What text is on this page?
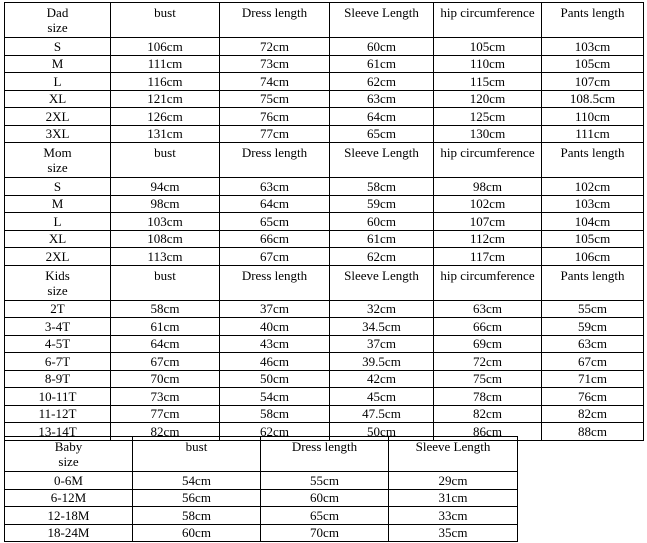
Dad
size	bust	Dress length	Sleeve Length	hip circumference	Pants length
S	106cm	72cm	60cm	105cm	103cm
M	111cm	73cm	61cm	110cm	105cm
L	116cm	74cm	62cm	115cm	107cm
XL	121cm	75cm	63cm	120cm	108.5cm
2XL	126cm	76cm	64cm	125cm	110cm
3XL	131cm	77cm	65cm	130cm	111cm
Mom
size	bust	Dress length	Sleeve Length	hip circumference	Pants length
S	94cm	63cm	58cm	98cm	102cm
M	98cm	64cm	59cm	102cm	103cm
L	103cm	65cm	60cm	107cm	104cm
XL	108cm	66cm	61cm	112cm	105cm
2XL	113cm	67cm	62cm	117cm	106cm
Kids
size	bust	Dress length	Sleeve Length	hip circumference	Pants length
2T	58cm	37cm	32cm	63cm	55cm
3-4T	61cm	40cm	34.5cm	66cm	59cm
4-5T	64cm	43cm	37cm	69cm	63cm
6-7T	67cm	46cm	39.5cm	72cm	67cm
8-9T	70cm	50cm	42cm	75cm	71cm
10-11T	73cm	54cm	45cm	78cm	76cm
11-12T	77cm	58cm	47.5cm	82cm	82cm
13-14T	82cm	62cm	50cm	86cm	88cm
Baby
size	bust	Dress length	Sleeve Length
0-6M	54cm	55cm	29cm
6-12M	56cm	60cm	31cm
12-18M	58cm	65cm	33cm
18-24M	60cm	70cm	35cm
